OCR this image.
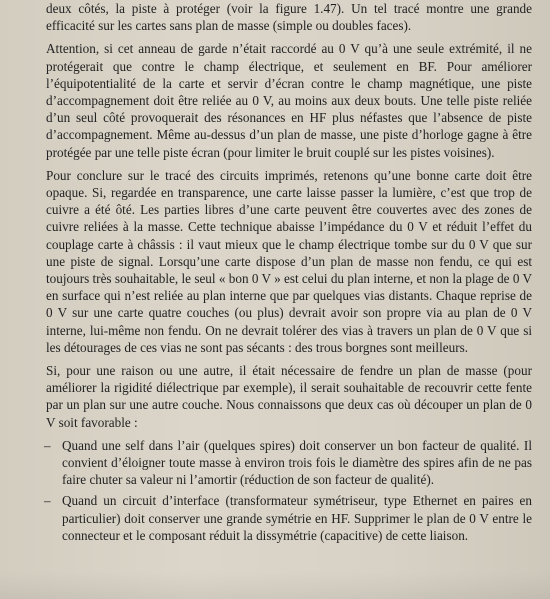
deux côtés, la piste à protéger (voir la figure 1.47). Un tel tracé montre une grande efficacité sur les cartes sans plan de masse (simple ou doubles faces).

Attention, si cet anneau de garde n’était raccordé au 0 V qu’à une seule extrémité, il ne protégerait que contre le champ électrique, et seulement en BF. Pour améliorer l’équipotentialité de la carte et servir d’écran contre le champ magnétique, une piste d’accompagnement doit être reliée au 0 V, au moins aux deux bouts. Une telle piste reliée d’un seul côté provoquerait des résonances en HF plus néfastes que l’absence de piste d’accompagnement. Même au-dessus d’un plan de masse, une piste d’horloge gagne à être protégée par une telle piste écran (pour limiter le bruit couplé sur les pistes voisines).

Pour conclure sur le tracé des circuits imprimés, retenons qu’une bonne carte doit être opaque. Si, regardée en transparence, une carte laisse passer la lumière, c’est que trop de cuivre a été ôté. Les parties libres d’une carte peuvent être couvertes avec des zones de cuivre reliées à la masse. Cette technique abaisse l’impédance du 0 V et réduit l’effet du couplage carte à châssis : il vaut mieux que le champ électrique tombe sur du 0 V que sur une piste de signal. Lorsqu’une carte dispose d’un plan de masse non fendu, ce qui est toujours très souhaitable, le seul « bon 0 V » est celui du plan interne, et non la plage de 0 V en surface qui n’est reliée au plan interne que par quelques vias distants. Chaque reprise de 0 V sur une carte quatre couches (ou plus) devrait avoir son propre via au plan de 0 V interne, lui-même non fendu. On ne devrait tolérer des vias à travers un plan de 0 V que si les détourages de ces vias ne sont pas sécants : des trous borgnes sont meilleurs.

Si, pour une raison ou une autre, il était nécessaire de fendre un plan de masse (pour améliorer la rigidité diélectrique par exemple), il serait souhaitable de recouvrir cette fente par un plan sur une autre couche. Nous connaissons que deux cas où découper un plan de 0 V soit favorable :

– Quand une self dans l’air (quelques spires) doit conserver un bon facteur de qualité. Il convient d’éloigner toute masse à environ trois fois le diamètre des spires afin de ne pas faire chuter sa valeur ni l’amortir (réduction de son facteur de qualité).
– Quand un circuit d’interface (transformateur symétriseur, type Ethernet en paires en particulier) doit conserver une grande symétrie en HF. Supprimer le plan de 0 V entre le connecteur et le composant réduit la dissymétrie (capacitive) de cette liaison.
